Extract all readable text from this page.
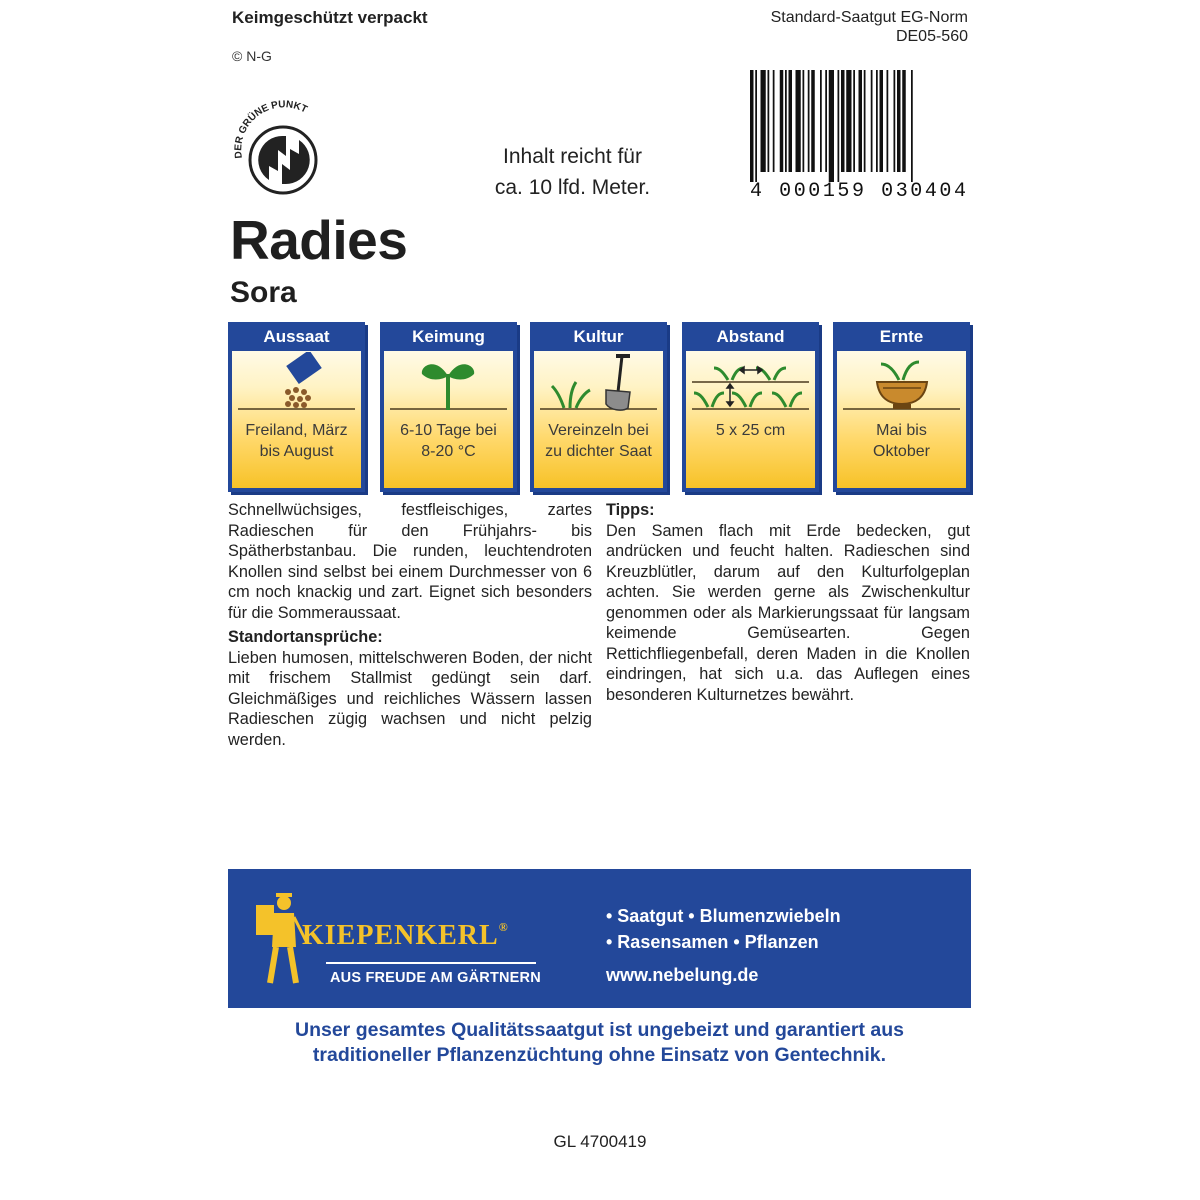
Keimgeschützt verpackt
© N-G
Standard-Saatgut EG-Norm
DE05-560
DER GRÜNE PUNKT
Inhalt reicht für
ca. 10 lfd. Meter.	4 000159 030404
Radies
Sora
Aussaat
Freiland, März
bis August
Keimung
6-10 Tage bei
8-20 °C
Kultur
Vereinzeln bei
zu dichter Saat
Abstand
5 x 25 cm
Ernte
Mai bis
Oktober

Schnellwüchsiges, festfleischiges, zartes Radieschen für den Frühjahrs- bis Spätherbstanbau. Die runden, leuchtendroten Knollen sind selbst bei einem Durchmesser von 6 cm noch knackig und zart. Eignet sich besonders für die Sommeraussaat.

Standortansprüche:

Lieben humosen, mittelschweren Boden, der nicht mit frischem Stallmist gedüngt sein darf. Gleichmäßiges und reichliches Wässern lassen Radieschen zügig wachsen und nicht pelzig werden.

Tipps:

Den Samen flach mit Erde bedecken, gut andrücken und feucht halten. Radieschen sind Kreuzblütler, darum auf den Kulturfolgeplan achten. Sie werden gerne als Zwischenkultur genommen oder als Markierungssaat für langsam keimende Gemüsearten. Gegen Rettichfliegenbefall, deren Maden in die Knollen eindringen, hat sich u.a. das Auflegen eines besonderen Kulturnetzes bewährt.

KIEPENKERL®
AUS FREUDE AM GÄRTNERN
• Saatgut • Blumenzwiebeln
• Rasensamen • Pflanzen
www.nebelung.de
Unser gesamtes Qualitätssaatgut ist ungebeizt und garantiert aus
traditioneller Pflanzenzüchtung ohne Einsatz von Gentechnik.
GL 4700419
